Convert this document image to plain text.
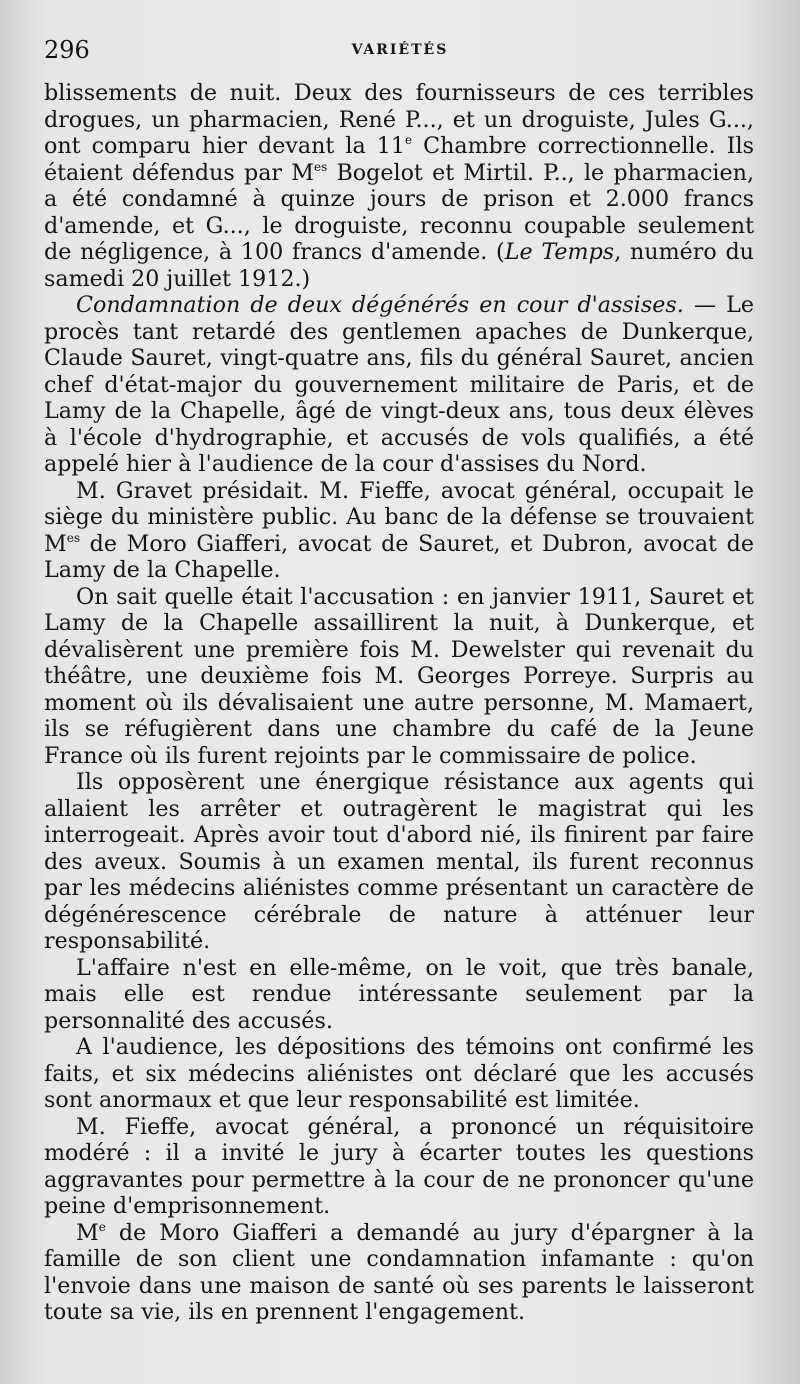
296	VARIÉTÉS

blissements de nuit. Deux des fournisseurs de ces terribles drogues, un pharmacien, René P..., et un droguiste, Jules G..., ont comparu hier devant la 11e Chambre correctionnelle. Ils étaient défendus par $M^{es}$ Bogelot et Mirtil. P.., le pharmacien, a été condamné à quinze jours de prison et 2.000 francs d'amende, et G..., le droguiste, reconnu coupable seulement de négligence, à 100 francs d'amende. (Le Temps, numéro du samedi 20 juillet 1912.)

Condamnation de deux dégénérés en cour d'assises. — Le procès tant retardé des gentlemen apaches de Dunkerque, Claude Sauret, vingt-quatre ans, fils du général Sauret, ancien chef d'état-major du gouvernement militaire de Paris, et de Lamy de la Chapelle, âgé de vingt-deux ans, tous deux élèves à l'école d'hydrographie, et accusés de vols qualifiés, a été appelé hier à l'audience de la cour d'assises du Nord.

M. Gravet présidait. M. Fieffe, avocat général, occupait le siège du ministère public. Au banc de la défense se trouvaient $M^{es}$ de Moro Giafferi, avocat de Sauret, et Dubron, avocat de Lamy de la Chapelle.

On sait quelle était l'accusation : en janvier 1911, Sauret et Lamy de la Chapelle assaillirent la nuit, à Dunkerque, et dévalisèrent une première fois M. Dewelster qui revenait du théâtre, une deuxième fois M. Georges Porreye. Surpris au moment où ils dévalisaient une autre personne, M. Mamaert, ils se réfugièrent dans une chambre du café de la Jeune France où ils furent rejoints par le commissaire de police.

Ils opposèrent une énergique résistance aux agents qui allaient les arrêter et outragèrent le magistrat qui les interrogeait. Après avoir tout d'abord nié, ils finirent par faire des aveux. Soumis à un examen mental, ils furent reconnus par les médecins aliénistes comme présentant un caractère de dégénérescence cérébrale de nature à atténuer leur responsabilité.

L'affaire n'est en elle-même, on le voit, que très banale, mais elle est rendue intéressante seulement par la personnalité des accusés.

A l'audience, les dépositions des témoins ont confirmé les faits, et six médecins aliénistes ont déclaré que les accusés sont anormaux et que leur responsabilité est limitée.

M. Fieffe, avocat général, a prononcé un réquisitoire modéré : il a invité le jury à écarter toutes les questions aggravantes pour permettre à la cour de ne prononcer qu'une peine d'emprisonnement.

Me de Moro Giafferi a demandé au jury d'épargner à la famille de son client une condamnation infamante : qu'on l'envoie dans une maison de santé où ses parents le laisseront toute sa vie, ils en prennent l'engagement.
